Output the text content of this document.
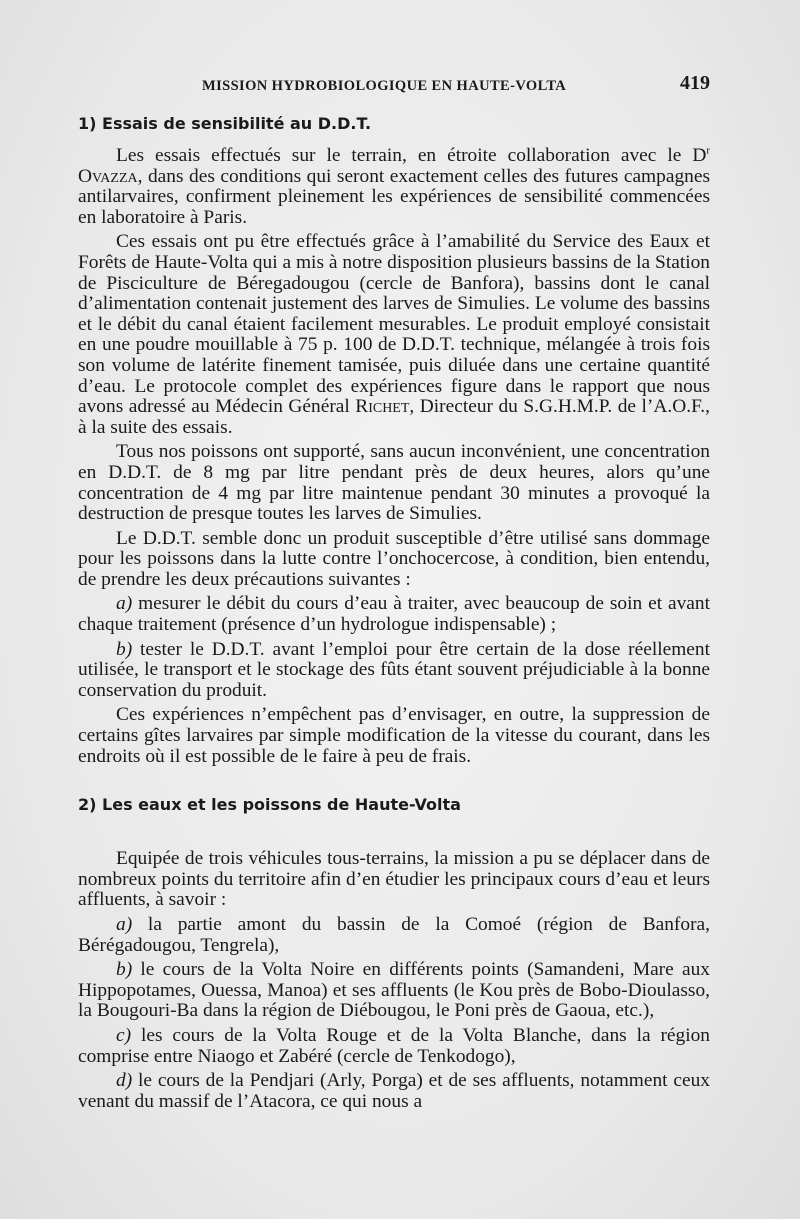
MISSION HYDROBIOLOGIQUE EN HAUTE-VOLTA	419
1) Essais de sensibilité au D.D.T.

Les essais effectués sur le terrain, en étroite collaboration avec le $D^r$ Ovazza, dans des conditions qui seront exactement celles des futures campagnes antilarvaires, confirment pleinement les expériences de sensibilité commencées en laboratoire à Paris.

Ces essais ont pu être effectués grâce à l’amabilité du Service des Eaux et Forêts de Haute-Volta qui a mis à notre disposition plusieurs bassins de la Station de Pisciculture de Béregadougou (cercle de Banfora), bassins dont le canal d’alimentation contenait justement des larves de Simulies. Le volume des bassins et le débit du canal étaient facilement mesurables. Le produit employé consistait en une poudre mouillable à 75 p. 100 de D.D.T. technique, mélangée à trois fois son volume de latérite finement tamisée, puis diluée dans une certaine quantité d’eau. Le protocole complet des expériences figure dans le rapport que nous avons adressé au Médecin Général Richet, Directeur du S.G.H.M.P. de l’A.O.F., à la suite des essais.

Tous nos poissons ont supporté, sans aucun inconvénient, une concentration en D.D.T. de 8 mg par litre pendant près de deux heures, alors qu’une concentration de 4 mg par litre maintenue pendant 30 minutes a provoqué la destruction de presque toutes les larves de Simulies.

Le D.D.T. semble donc un produit susceptible d’être utilisé sans dommage pour les poissons dans la lutte contre l’onchocercose, à condition, bien entendu, de prendre les deux précautions suivantes :

a) mesurer le débit du cours d’eau à traiter, avec beaucoup de soin et avant chaque traitement (présence d’un hydrologue indispensable) ;

b) tester le D.D.T. avant l’emploi pour être certain de la dose réellement utilisée, le transport et le stockage des fûts étant souvent préjudiciable à la bonne conservation du produit.

Ces expériences n’empêchent pas d’envisager, en outre, la suppression de certains gîtes larvaires par simple modification de la vitesse du courant, dans les endroits où il est possible de le faire à peu de frais.

2) Les eaux et les poissons de Haute-Volta

Equipée de trois véhicules tous-terrains, la mission a pu se déplacer dans de nombreux points du territoire afin d’en étudier les principaux cours d’eau et leurs affluents, à savoir :

a) la partie amont du bassin de la Comoé (région de Banfora, Bérégadougou, Tengrela),

b) le cours de la Volta Noire en différents points (Samandeni, Mare aux Hippopotames, Ouessa, Manoa) et ses affluents (le Kou près de Bobo-Dioulasso, la Bougouri-Ba dans la région de Diébougou, le Poni près de Gaoua, etc.),

c) les cours de la Volta Rouge et de la Volta Blanche, dans la région comprise entre Niaogo et Zabéré (cercle de Tenkodogo),

d) le cours de la Pendjari (Arly, Porga) et de ses affluents, notamment ceux venant du massif de l’Atacora, ce qui nous a
